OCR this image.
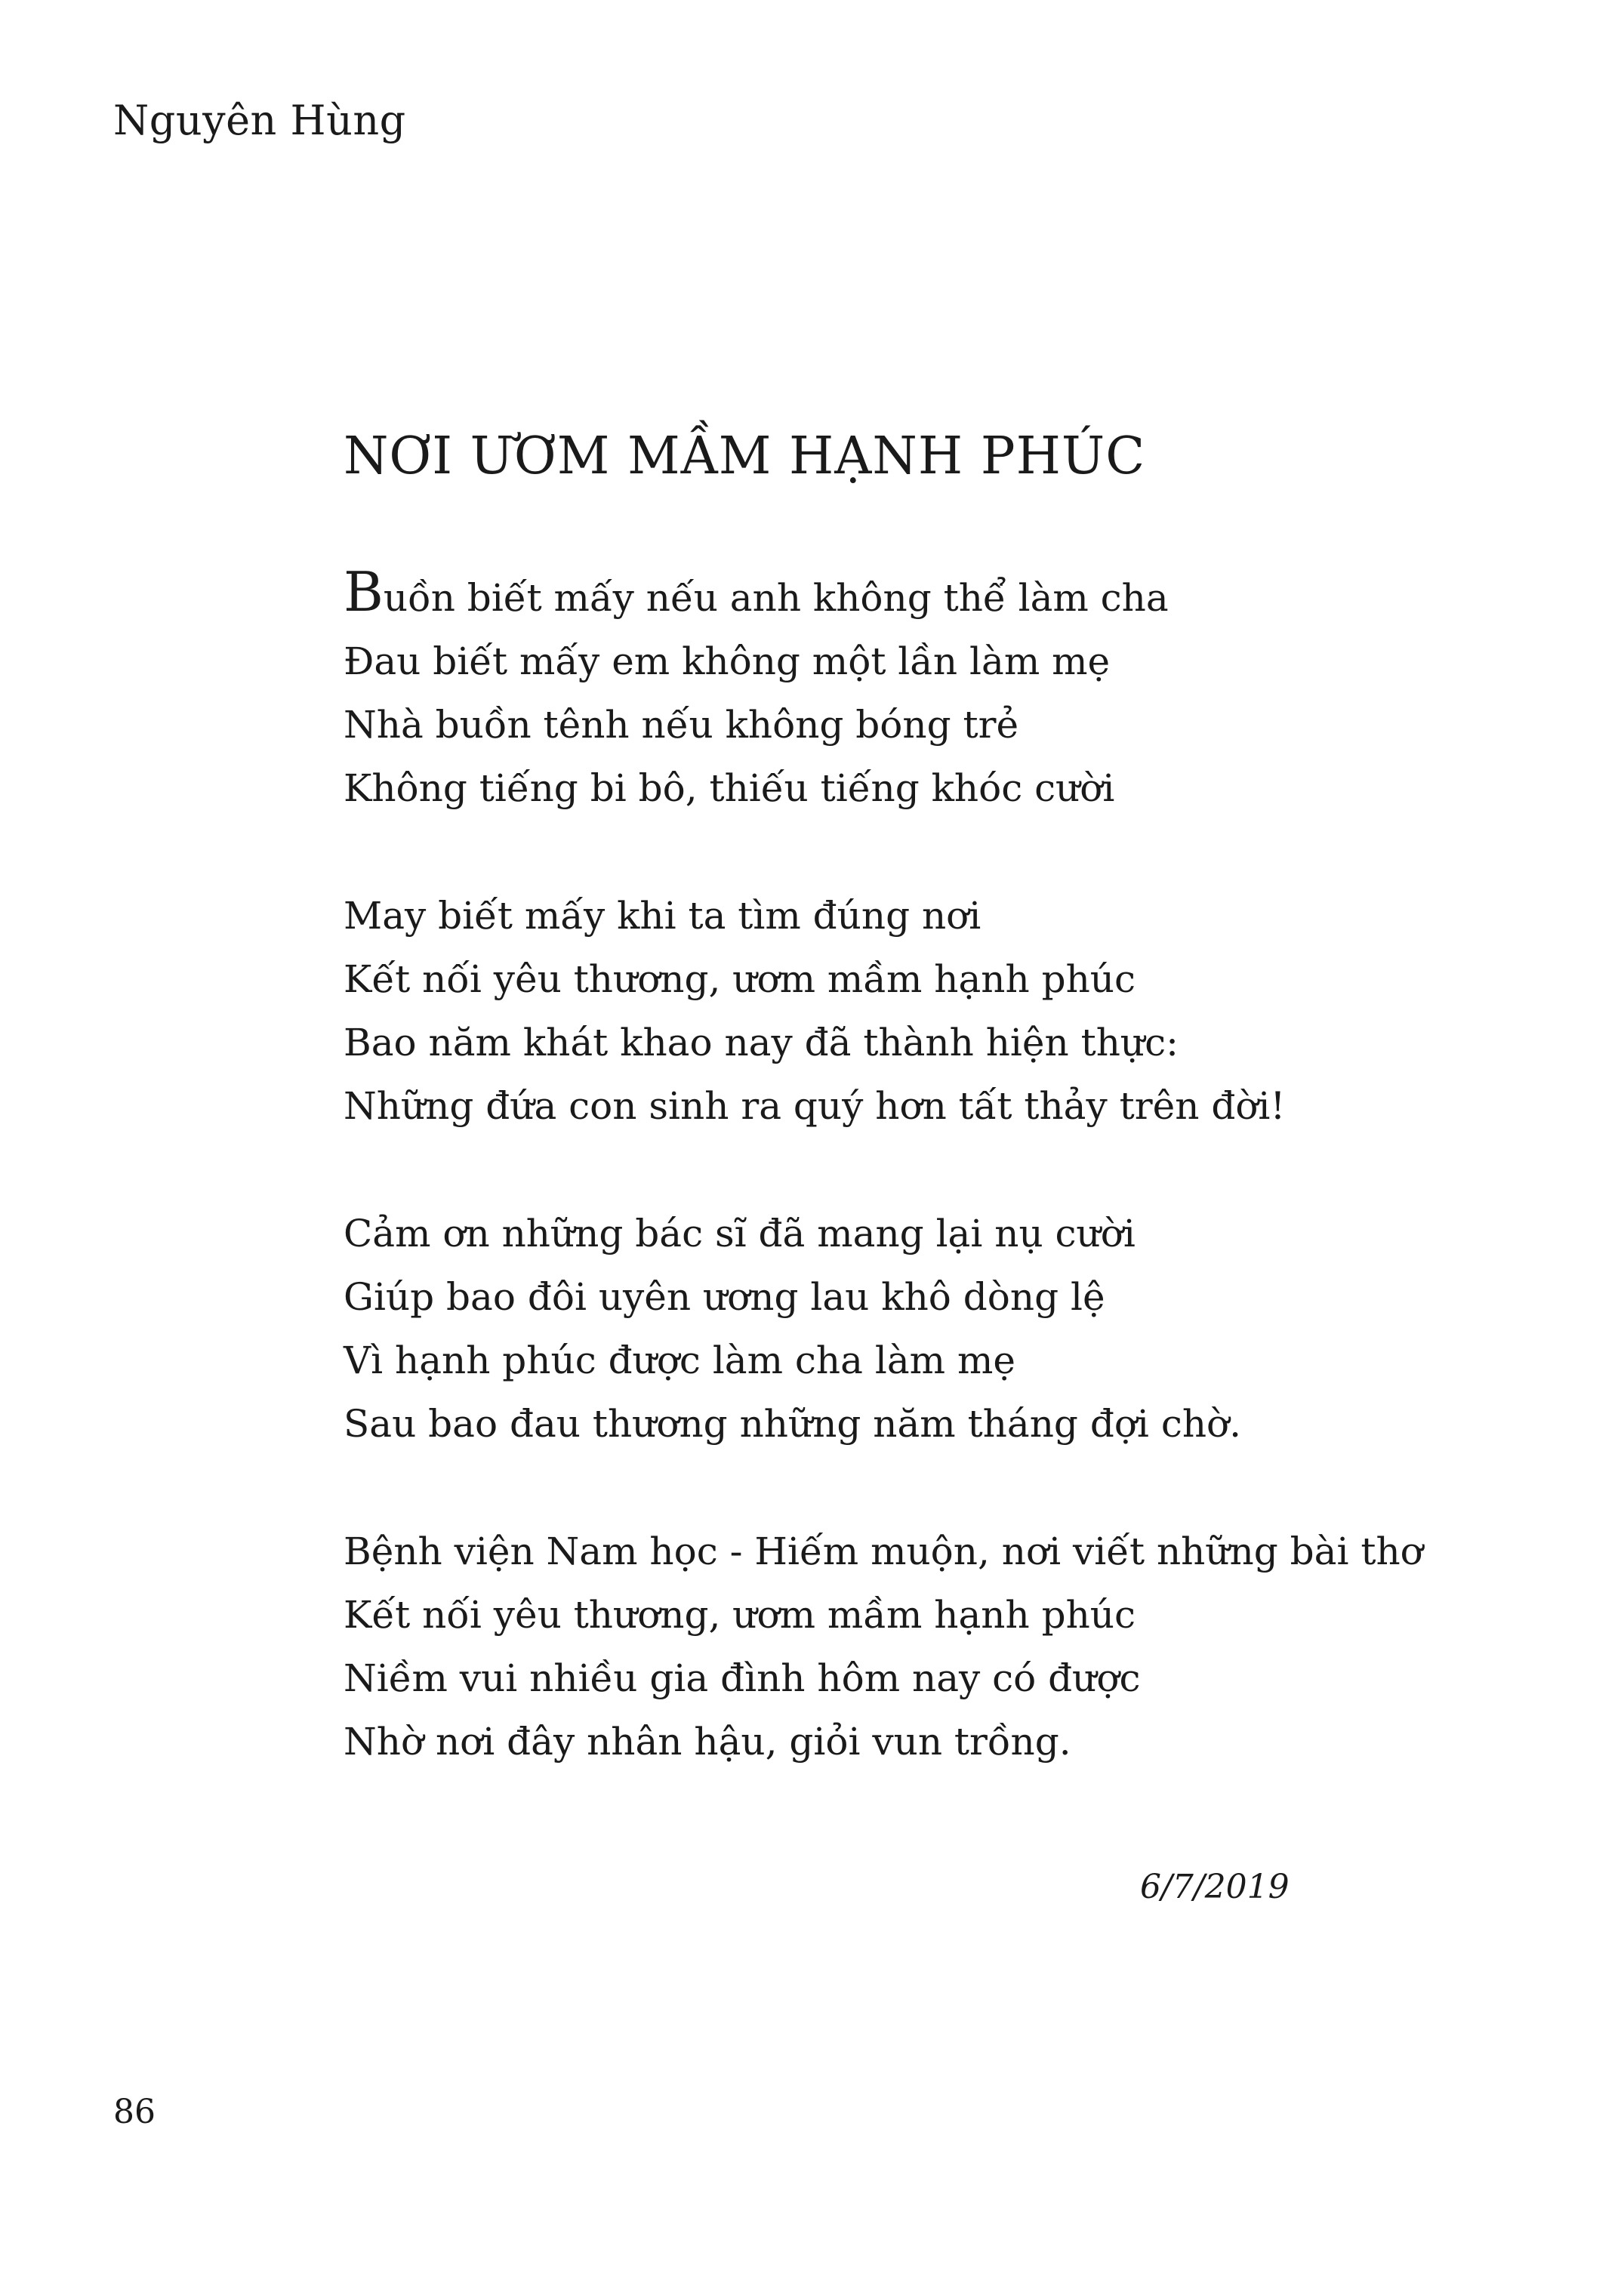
Nguyên Hùng
NƠI ƯƠM MẦM HẠNH PHÚC
Buồn biết mấy nếu anh không thể làm cha
Đau biết mấy em không một lần làm mẹ
Nhà buồn tênh nếu không bóng trẻ
Không tiếng bi bô, thiếu tiếng khóc cười
May biết mấy khi ta tìm đúng nơi
Kết nối yêu thương, ươm mầm hạnh phúc
Bao năm khát khao nay đã thành hiện thực:
Những đứa con sinh ra quý hơn tất thảy trên đời!
Cảm ơn những bác sĩ đã mang lại nụ cười
Giúp bao đôi uyên ương lau khô dòng lệ
Vì hạnh phúc được làm cha làm mẹ
Sau bao đau thương những năm tháng đợi chờ.
Bệnh viện Nam học - Hiếm muộn, nơi viết những bài thơ
Kết nối yêu thương, ươm mầm hạnh phúc
Niềm vui nhiều gia đình hôm nay có được
Nhờ nơi đây nhân hậu, giỏi vun trồng.
6/7/2019
86
